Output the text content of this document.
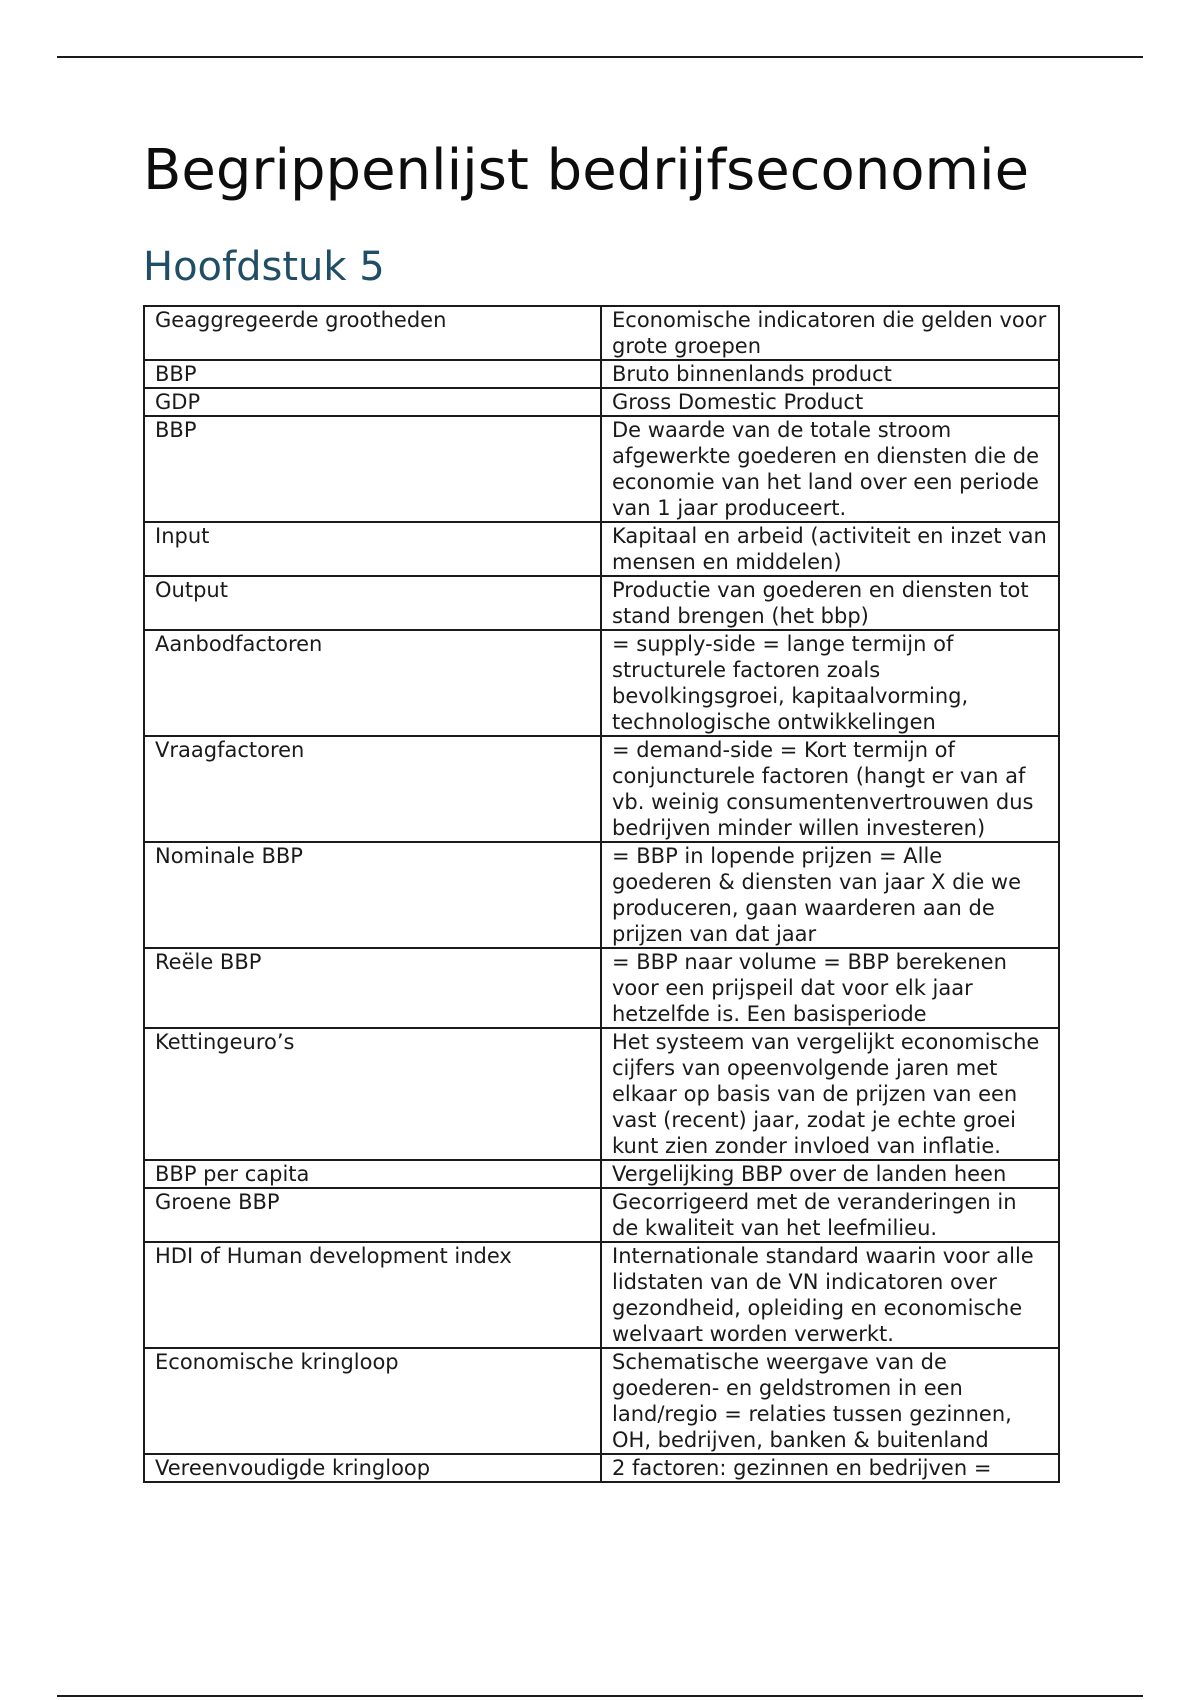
Begrippenlijst bedrijfseconomie
Hoofdstuk 5
Geaggregeerde grootheden	Economische indicatoren die gelden voor grote groepen
BBP	Bruto binnenlands product
GDP	Gross Domestic Product
BBP	De waarde van de totale stroom afgewerkte goederen en diensten die de economie van het land over een periode van 1 jaar produceert.
Input	Kapitaal en arbeid (activiteit en inzet van mensen en middelen)
Output	Productie van goederen en diensten tot stand brengen (het bbp)
Aanbodfactoren	= supply-side = lange termijn of structurele factoren zoals bevolkingsgroei, kapitaalvorming, technologische ontwikkelingen
Vraagfactoren	= demand-side = Kort termijn of conjuncturele factoren (hangt er van af vb. weinig consumentenvertrouwen dus bedrijven minder willen investeren)
Nominale BBP	= BBP in lopende prijzen = Alle goederen & diensten van jaar X die we produceren, gaan waarderen aan de prijzen van dat jaar
Reële BBP	= BBP naar volume = BBP berekenen voor een prijspeil dat voor elk jaar hetzelfde is. Een basisperiode
Kettingeuro’s	Het systeem van vergelijkt economische cijfers van opeenvolgende jaren met elkaar op basis van de prijzen van een vast (recent) jaar, zodat je echte groei kunt zien zonder invloed van inflatie.
BBP per capita	Vergelijking BBP over de landen heen
Groene BBP	Gecorrigeerd met de veranderingen in de kwaliteit van het leefmilieu.
HDI of Human development index	Internationale standard waarin voor alle lidstaten van de VN indicatoren over gezondheid, opleiding en economische welvaart worden verwerkt.
Economische kringloop	Schematische weergave van de goederen- en geldstromen in een land/regio = relaties tussen gezinnen, OH, bedrijven, banken & buitenland
Vereenvoudigde kringloop	2 factoren: gezinnen en bedrijven =
